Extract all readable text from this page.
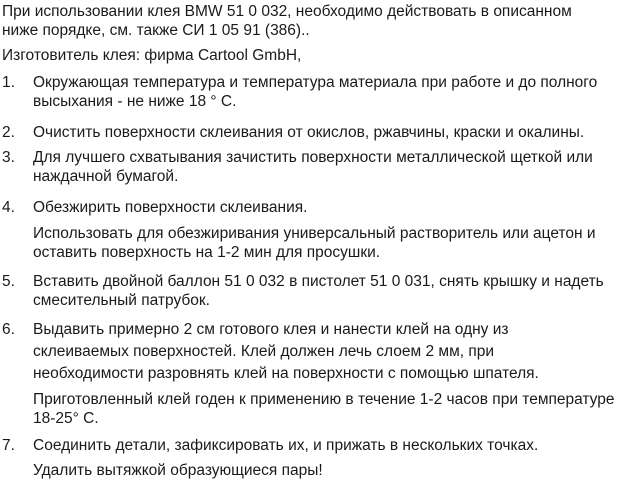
При использовании клея BMW 51 0 032, необходимо действовать в описанном
ниже порядке, см. также СИ 1 05 91 (386)..
Изготовитель клея: фирма Cartool GmbH,
1. Окружающая температура и температура материала при работе и до полного
высыхания - не ниже 18 ° С.
2. Очистить поверхности склеивания от окислов, ржавчины, краски и окалины.
3. Для лучшего схватывания зачистить поверхности металлической щеткой или
наждачной бумагой.
4. Обезжирить поверхности склеивания.
Использовать для обезжиривания универсальный растворитель или ацетон и
оставить поверхность на 1-2 мин для просушки.
5. Вставить двойной баллон 51 0 032 в пистолет 51 0 031, снять крышку и надеть
смесительный патрубок.
6. Выдавить примерно 2 см готового клея и нанести клей на одну из
склеиваемых поверхностей. Клей должен лечь слоем 2 мм, при
необходимости разровнять клей на поверхности с помощью шпателя.
Приготовленный клей годен к применению в течение 1-2 часов при температуре
18-25° С.
7. Соединить детали, зафиксировать их, и прижать в нескольких точках.
Удалить вытяжкой образующиеся пары!
